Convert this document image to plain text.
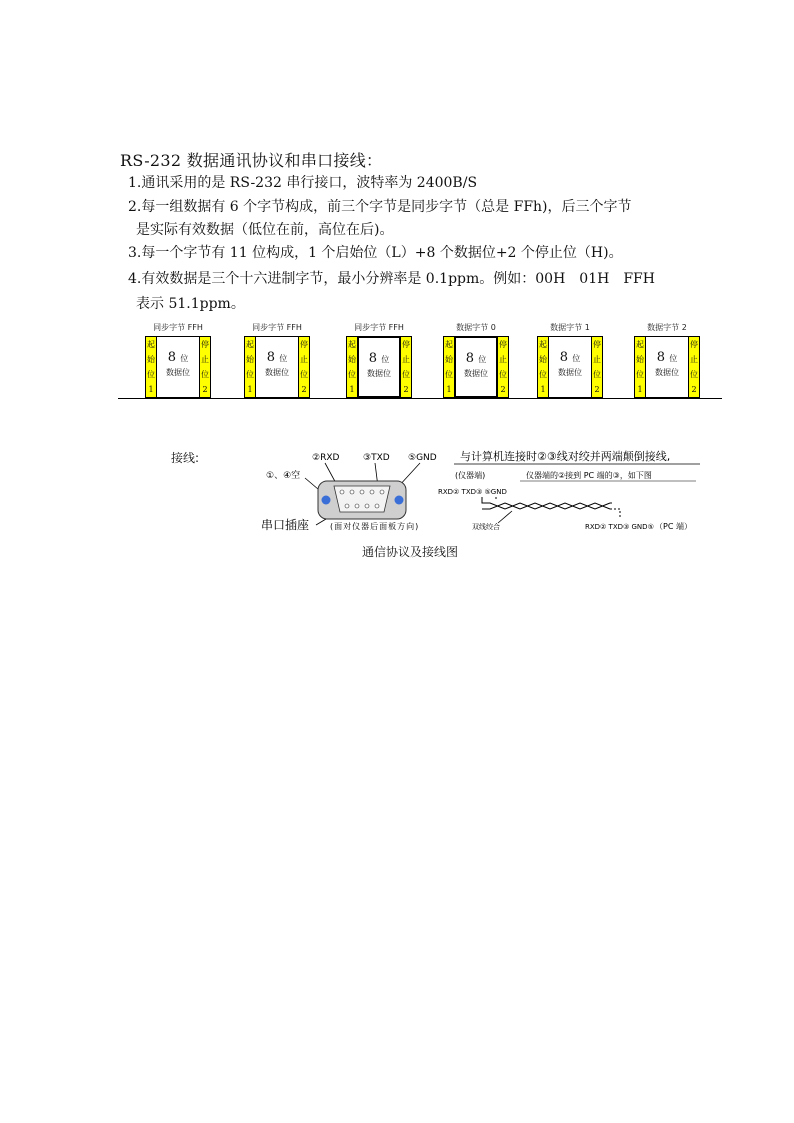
RS-232 数据通讯协议和串口接线：
1.通讯采用的是 RS-232 串行接口，波特率为 2400B/S
2.每一组数据有 6 个字节构成，前三个字节是同步字节（总是 FFh)，后三个字节
是实际有效数据（低位在前，高位在后)。
3.每一个字节有 11 位构成，1 个启始位（L）+8 个数据位+2 个停止位（H)。
4.有效数据是三个十六进制字节，最小分辨率是 0.1ppm。例如：00H　01H　FFH
表示 51.1ppm。
同步字节 FFH
起
始
位
1
8 位
数据位
停
止
位
2
同步字节 FFH
起
始
位
1
8 位
数据位
停
止
位
2
同步字节 FFH
起
始
位
1
8 位
数据位
停
止
位
2
数据字节 0
起
始
位
1
8 位
数据位
停
止
位
2
数据字节 1
起
始
位
1
8 位
数据位
停
止
位
2
数据字节 2
起
始
位
1
8 位
数据位
停
止
位
2
接线:	②RXD	③TXD ⑤GND
①、④空
串口插座	(面对仪器后面板方向)
与计算机连接时②③线对绞并两端颠倒接线,
(仪器端)	仪器端的②接到 PC 端的③，如下图
RXD② TXD③ ⑤GND
双线绞合	RXD② TXD③ GND⑤ （PC 端）
通信协议及接线图
